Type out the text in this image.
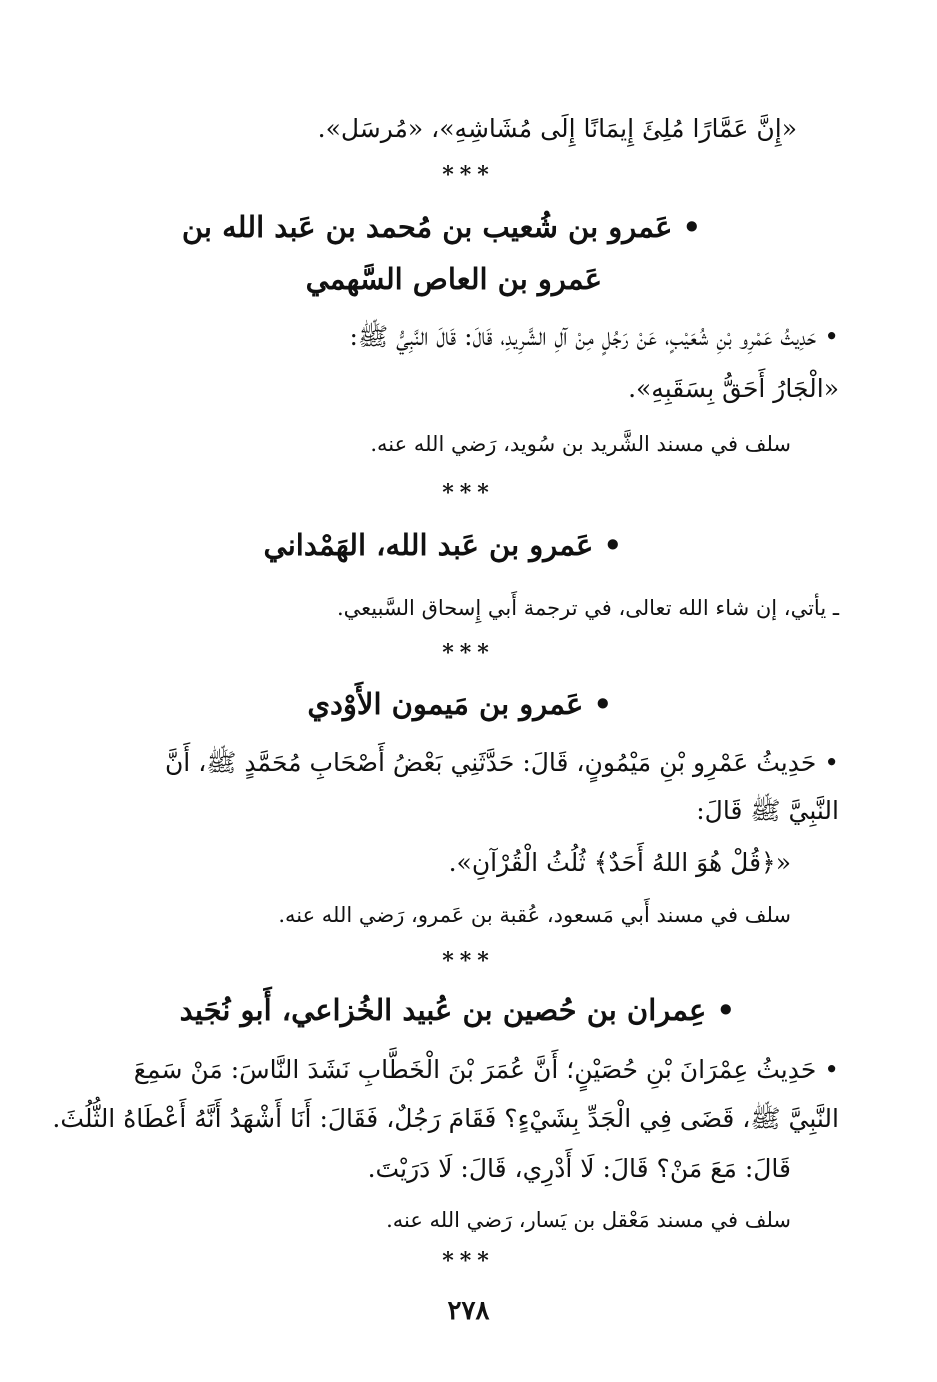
«إِنَّ عَمَّارًا مُلِئَ إِيمَانًا إِلَى مُشَاشِهِ»، «مُرسَل».
***
• عَمرو بن شُعيب بن مُحمد بن عَبد الله بن
عَمرو بن العاص السَّهمي
• حَدِيثُ عَمْرِو بْنِ شُعَيْبٍ، عَنْ رَجُلٍ مِنْ آلِ الشَّرِيدِ، قَالَ: قَالَ النَّبِيُّ ﷺ:
«الْجَارُ أَحَقُّ بِسَقَبِهِ».
سلف في مسند الشَّريد بن سُويد، رَضي الله عنه.
***
• عَمرو بن عَبد الله، الهَمْداني
ـ يأتي، إن شاء الله تعالى، في ترجمة أَبي إِسحاق السَّبيعي.
***
• عَمرو بن مَيمون الأَوْدي
• حَدِيثُ عَمْرِو بْنِ مَيْمُونٍ، قَالَ: حَدَّثَنِي بَعْضُ أَصْحَابِ مُحَمَّدٍ ﷺ، أَنَّ
النَّبِيَّ ﷺ قَالَ:
«﴿قُلْ هُوَ اللهُ أَحَدٌ﴾ ثُلُثُ الْقُرْآنِ».
سلف في مسند أَبي مَسعود، عُقبة بن عَمرو، رَضي الله عنه.
***
• عِمران بن حُصين بن عُبيد الخُزاعي، أَبو نُجَيد
• حَدِيثُ عِمْرَانَ بْنِ حُصَيْنٍ؛ أَنَّ عُمَرَ بْنَ الْخَطَّابِ نَشَدَ النَّاسَ: مَنْ سَمِعَ
النَّبِيَّ ﷺ، قَضَى فِي الْجَدِّ بِشَيْءٍ؟ فَقَامَ رَجُلٌ، فَقَالَ: أَنَا أَشْهَدُ أَنَّهُ أَعْطَاهُ الثُّلُثَ.
قَالَ: مَعَ مَنْ؟ قَالَ: لَا أَدْرِي، قَالَ: لَا دَرَيْتَ.
سلف في مسند مَعْقل بن يَسار، رَضي الله عنه.
***
٢٧٨
